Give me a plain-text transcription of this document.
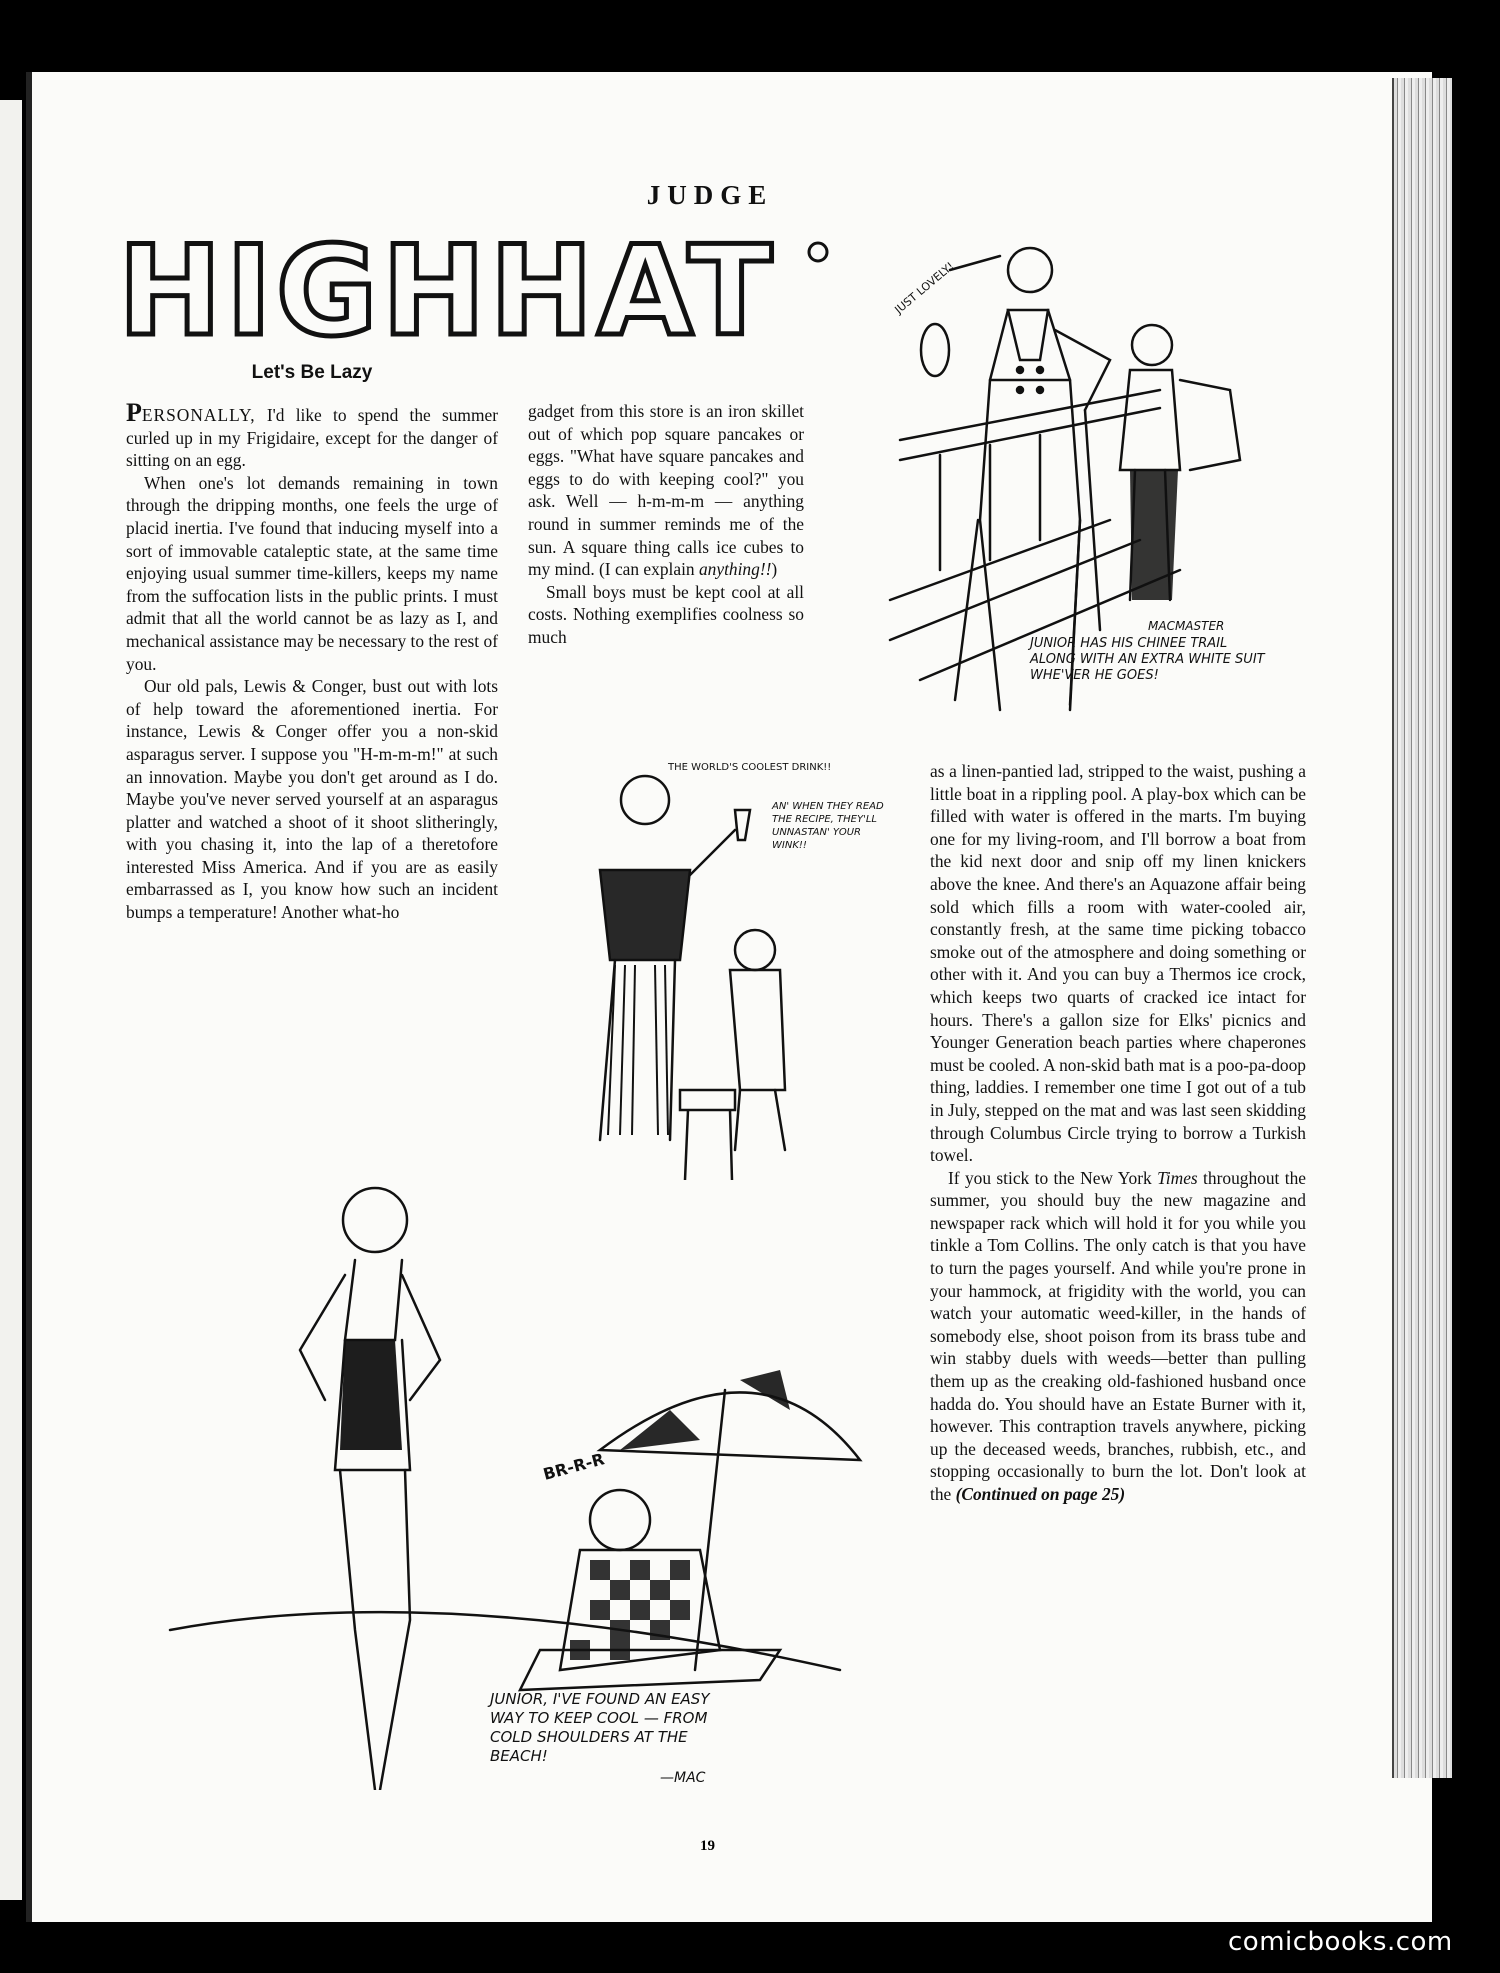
JUDGE
HIGHHAT
Let's Be Lazy

PERSONALLY, I'd like to spend the summer curled up in my Frigidaire, except for the danger of sitting on an egg.

When one's lot demands remaining in town through the dripping months, one feels the urge of placid inertia. I've found that inducing myself into a sort of immovable cataleptic state, at the same time enjoying usual summer time-killers, keeps my name from the suffocation lists in the public prints. I must admit that all the world cannot be as lazy as I, and mechanical assistance may be necessary to the rest of you.

Our old pals, Lewis & Conger, bust out with lots of help toward the aforementioned inertia. For instance, Lewis & Conger offer you a non-skid asparagus server. I suppose you "H-m-m-m!" at such an innovation. Maybe you don't get around as I do. Maybe you've never served yourself at an asparagus platter and watched a shoot of it shoot slitheringly, with you chasing it, into the lap of a theretofore interested Miss America. And if you are as easily embarrassed as I, you know how such an incident bumps a temperature! Another what-ho

gadget from this store is an iron skillet out of which pop square pancakes or eggs. "What have square pancakes and eggs to do with keeping cool?" you ask. Well — h-m-m-m — anything round in summer reminds me of the sun. A square thing calls ice cubes to my mind. (I can explain anything!!)

Small boys must be kept cool at all costs. Nothing exemplifies coolness so much

as a linen-pantied lad, stripped to the waist, pushing a little boat in a rippling pool. A play-box which can be filled with water is offered in the marts. I'm buying one for my living-room, and I'll borrow a boat from the kid next door and snip off my linen knickers above the knee. And there's an Aquazone affair being sold which fills a room with water-cooled air, constantly fresh, at the same time picking tobacco smoke out of the atmosphere and doing something or other with it. And you can buy a Thermos ice crock, which keeps two quarts of cracked ice intact for hours. There's a gallon size for Elks' picnics and Younger Generation beach parties where chaperones must be cooled. A non-skid bath mat is a poo-pa-doop thing, laddies. I remember one time I got out of a tub in July, stepped on the mat and was last seen skidding through Columbus Circle trying to borrow a Turkish towel.

If you stick to the New York Times throughout the summer, you should buy the new magazine and newspaper rack which will hold it for you while you tinkle a Tom Collins. The only catch is that you have to turn the pages yourself. And while you're prone in your hammock, at frigidity with the world, you can watch your automatic weed-killer, in the hands of somebody else, shoot poison from its brass tube and win stabby duels with weeds—better than pulling them up as the creaking old-fashioned husband once hadda do. You should have an Estate Burner with it, however. This contraption travels anywhere, picking up the deceased weeds, branches, rubbish, etc., and stopping occasionally to burn the lot. Don't look at the (Continued on page 25)

JUST LOVELY!
MACMASTER
JUNIOR HAS HIS CHINEE TRAIL ALONG WITH AN EXTRA WHITE SUIT WHE'VER HE GOES!
THE WORLD'S COOLEST DRINK!!
AN' WHEN THEY READ THE RECIPE, THEY'LL UNNASTAN' YOUR WINK!!
BR-R-R
JUNIOR, I'VE FOUND AN EASY WAY TO KEEP COOL — FROM COLD SHOULDERS AT THE BEACH!
—MAC
19
comicbooks.com
